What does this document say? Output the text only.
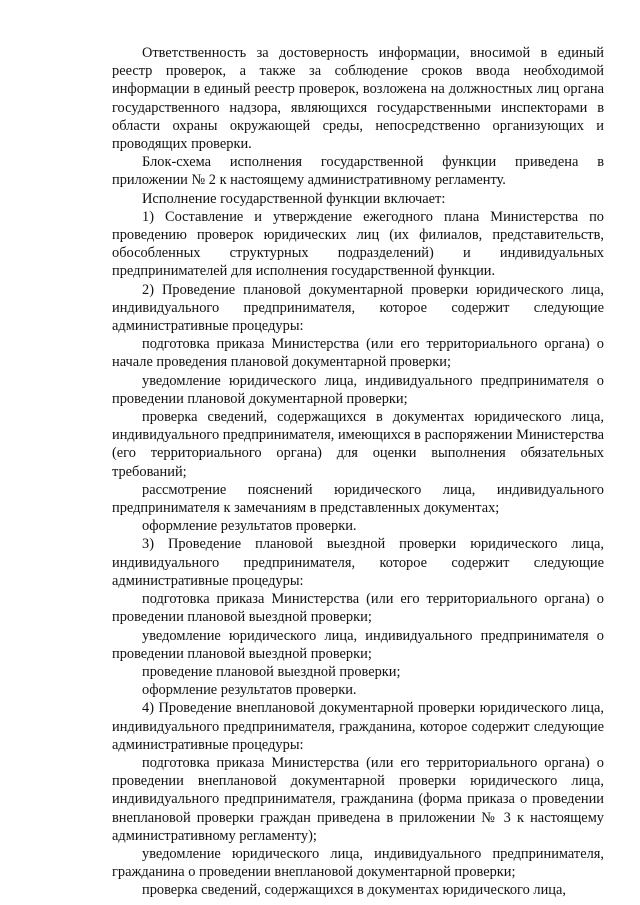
Ответственность за достоверность информации, вносимой в единый реестр проверок, а также за соблюдение сроков ввода необходимой информации в единый реестр проверок, возложена на должностных лиц органа государственного надзора, являющихся государственными инспекторами в области охраны окружающей среды, непосредственно организующих и проводящих проверки.

Блок-схема исполнения государственной функции приведена в приложении № 2 к настоящему административному регламенту.

Исполнение государственной функции включает:

1) Составление и утверждение ежегодного плана Министерства по проведению проверок юридических лиц (их филиалов, представительств, обособленных структурных подразделений) и индивидуальных предпринимателей для исполнения государственной функции.

2) Проведение плановой документарной проверки юридического лица, индивидуального предпринимателя, которое содержит следующие административные процедуры:

подготовка приказа Министерства (или его территориального органа) о начале проведения плановой документарной проверки;

уведомление юридического лица, индивидуального предпринимателя о проведении плановой документарной проверки;

проверка сведений, содержащихся в документах юридического лица, индивидуального предпринимателя, имеющихся в распоряжении Министерства (его территориального органа) для оценки выполнения обязательных требований;

рассмотрение пояснений юридического лица, индивидуального предпринимателя к замечаниям в представленных документах;

оформление результатов проверки.

3) Проведение плановой выездной проверки юридического лица, индивидуального предпринимателя, которое содержит следующие административные процедуры:

подготовка приказа Министерства (или его территориального органа) о проведении плановой выездной проверки;

уведомление юридического лица, индивидуального предпринимателя о проведении плановой выездной проверки;

проведение плановой выездной проверки;

оформление результатов проверки.

4) Проведение внеплановой документарной проверки юридического лица, индивидуального предпринимателя, гражданина, которое содержит следующие административные процедуры:

подготовка приказа Министерства (или его территориального органа) о проведении внеплановой документарной проверки юридического лица, индивидуального предпринимателя, гражданина (форма приказа о проведении внеплановой проверки граждан приведена в приложении № 3 к настоящему административному регламенту);

уведомление юридического лица, индивидуального предпринимателя, гражданина о проведении внеплановой документарной проверки;

проверка сведений, содержащихся в документах юридического лица,
